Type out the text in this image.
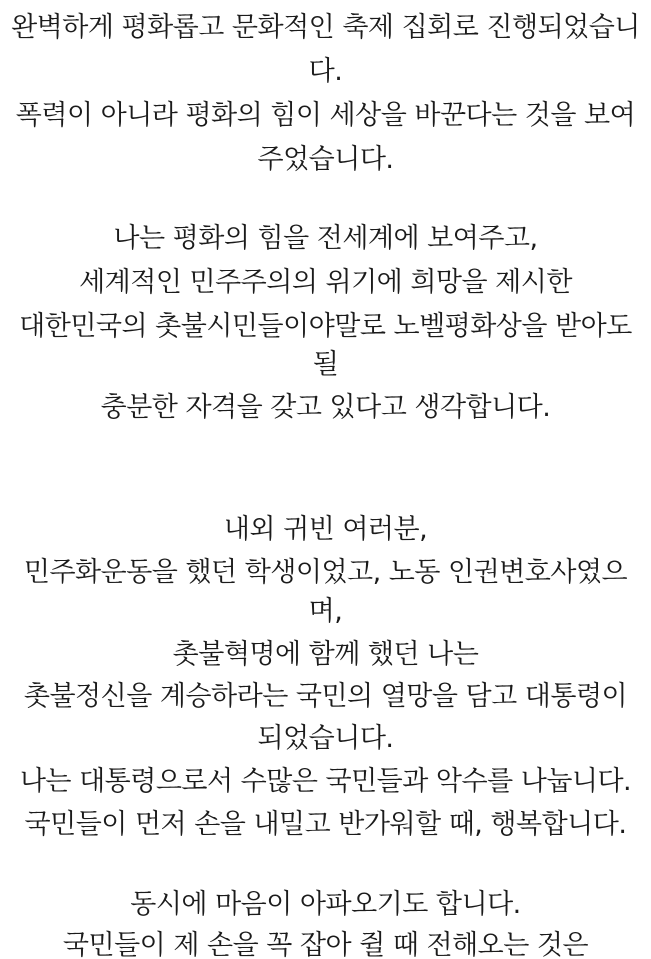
완벽하게 평화롭고 문화적인 축제 집회로 진행되었습니
다.
폭력이 아니라 평화의 힘이 세상을 바꾼다는 것을 보여
주었습니다.
나는 평화의 힘을 전세계에 보여주고,
세계적인 민주주의의 위기에 희망을 제시한
대한민국의 촛불시민들이야말로 노벨평화상을 받아도
될
충분한 자격을 갖고 있다고 생각합니다.
내외 귀빈 여러분,
민주화운동을 했던 학생이었고, 노동 인권변호사였으
며,
촛불혁명에 함께 했던 나는
촛불정신을 계승하라는 국민의 열망을 담고 대통령이
되었습니다.
나는 대통령으로서 수많은 국민들과 악수를 나눕니다.
국민들이 먼저 손을 내밀고 반가워할 때, 행복합니다.
동시에 마음이 아파오기도 합니다.
국민들이 제 손을 꼭 잡아 쥘 때 전해오는 것은
